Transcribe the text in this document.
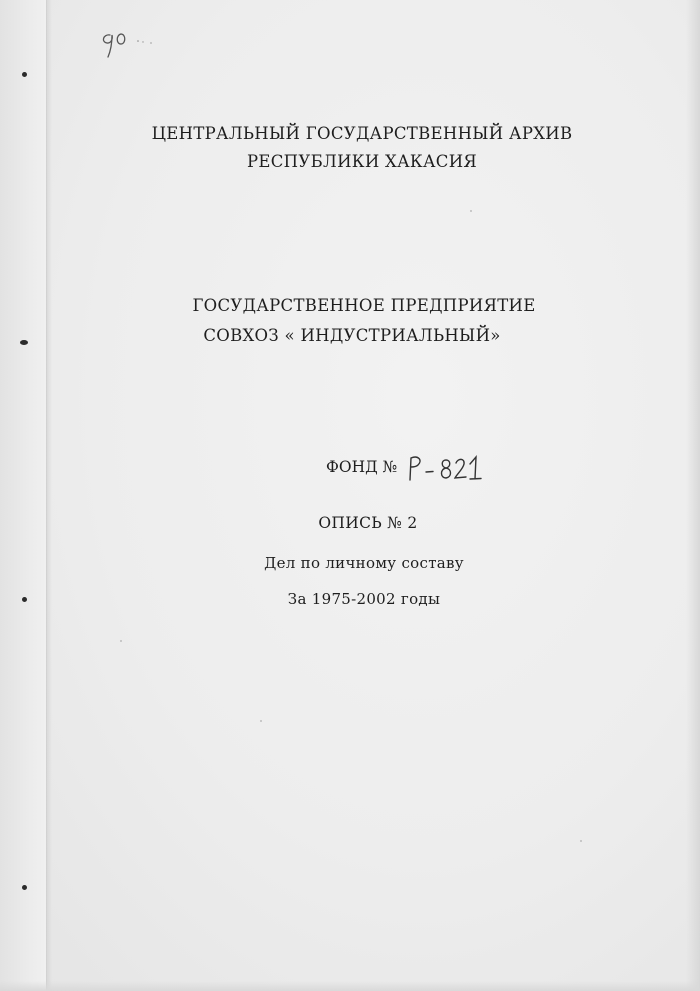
ЦЕНТРАЛЬНЫЙ ГОСУДАРСТВЕННЫЙ АРХИВ
РЕСПУБЛИКИ ХАКАСИЯ
ГОСУДАРСТВЕННОЕ ПРЕДПРИЯТИЕ
СОВХОЗ « ИНДУСТРИАЛЬНЫЙ»
ФОНД №
ОПИСЬ № 2
Дел по личному составу
За 1975-2002 годы
